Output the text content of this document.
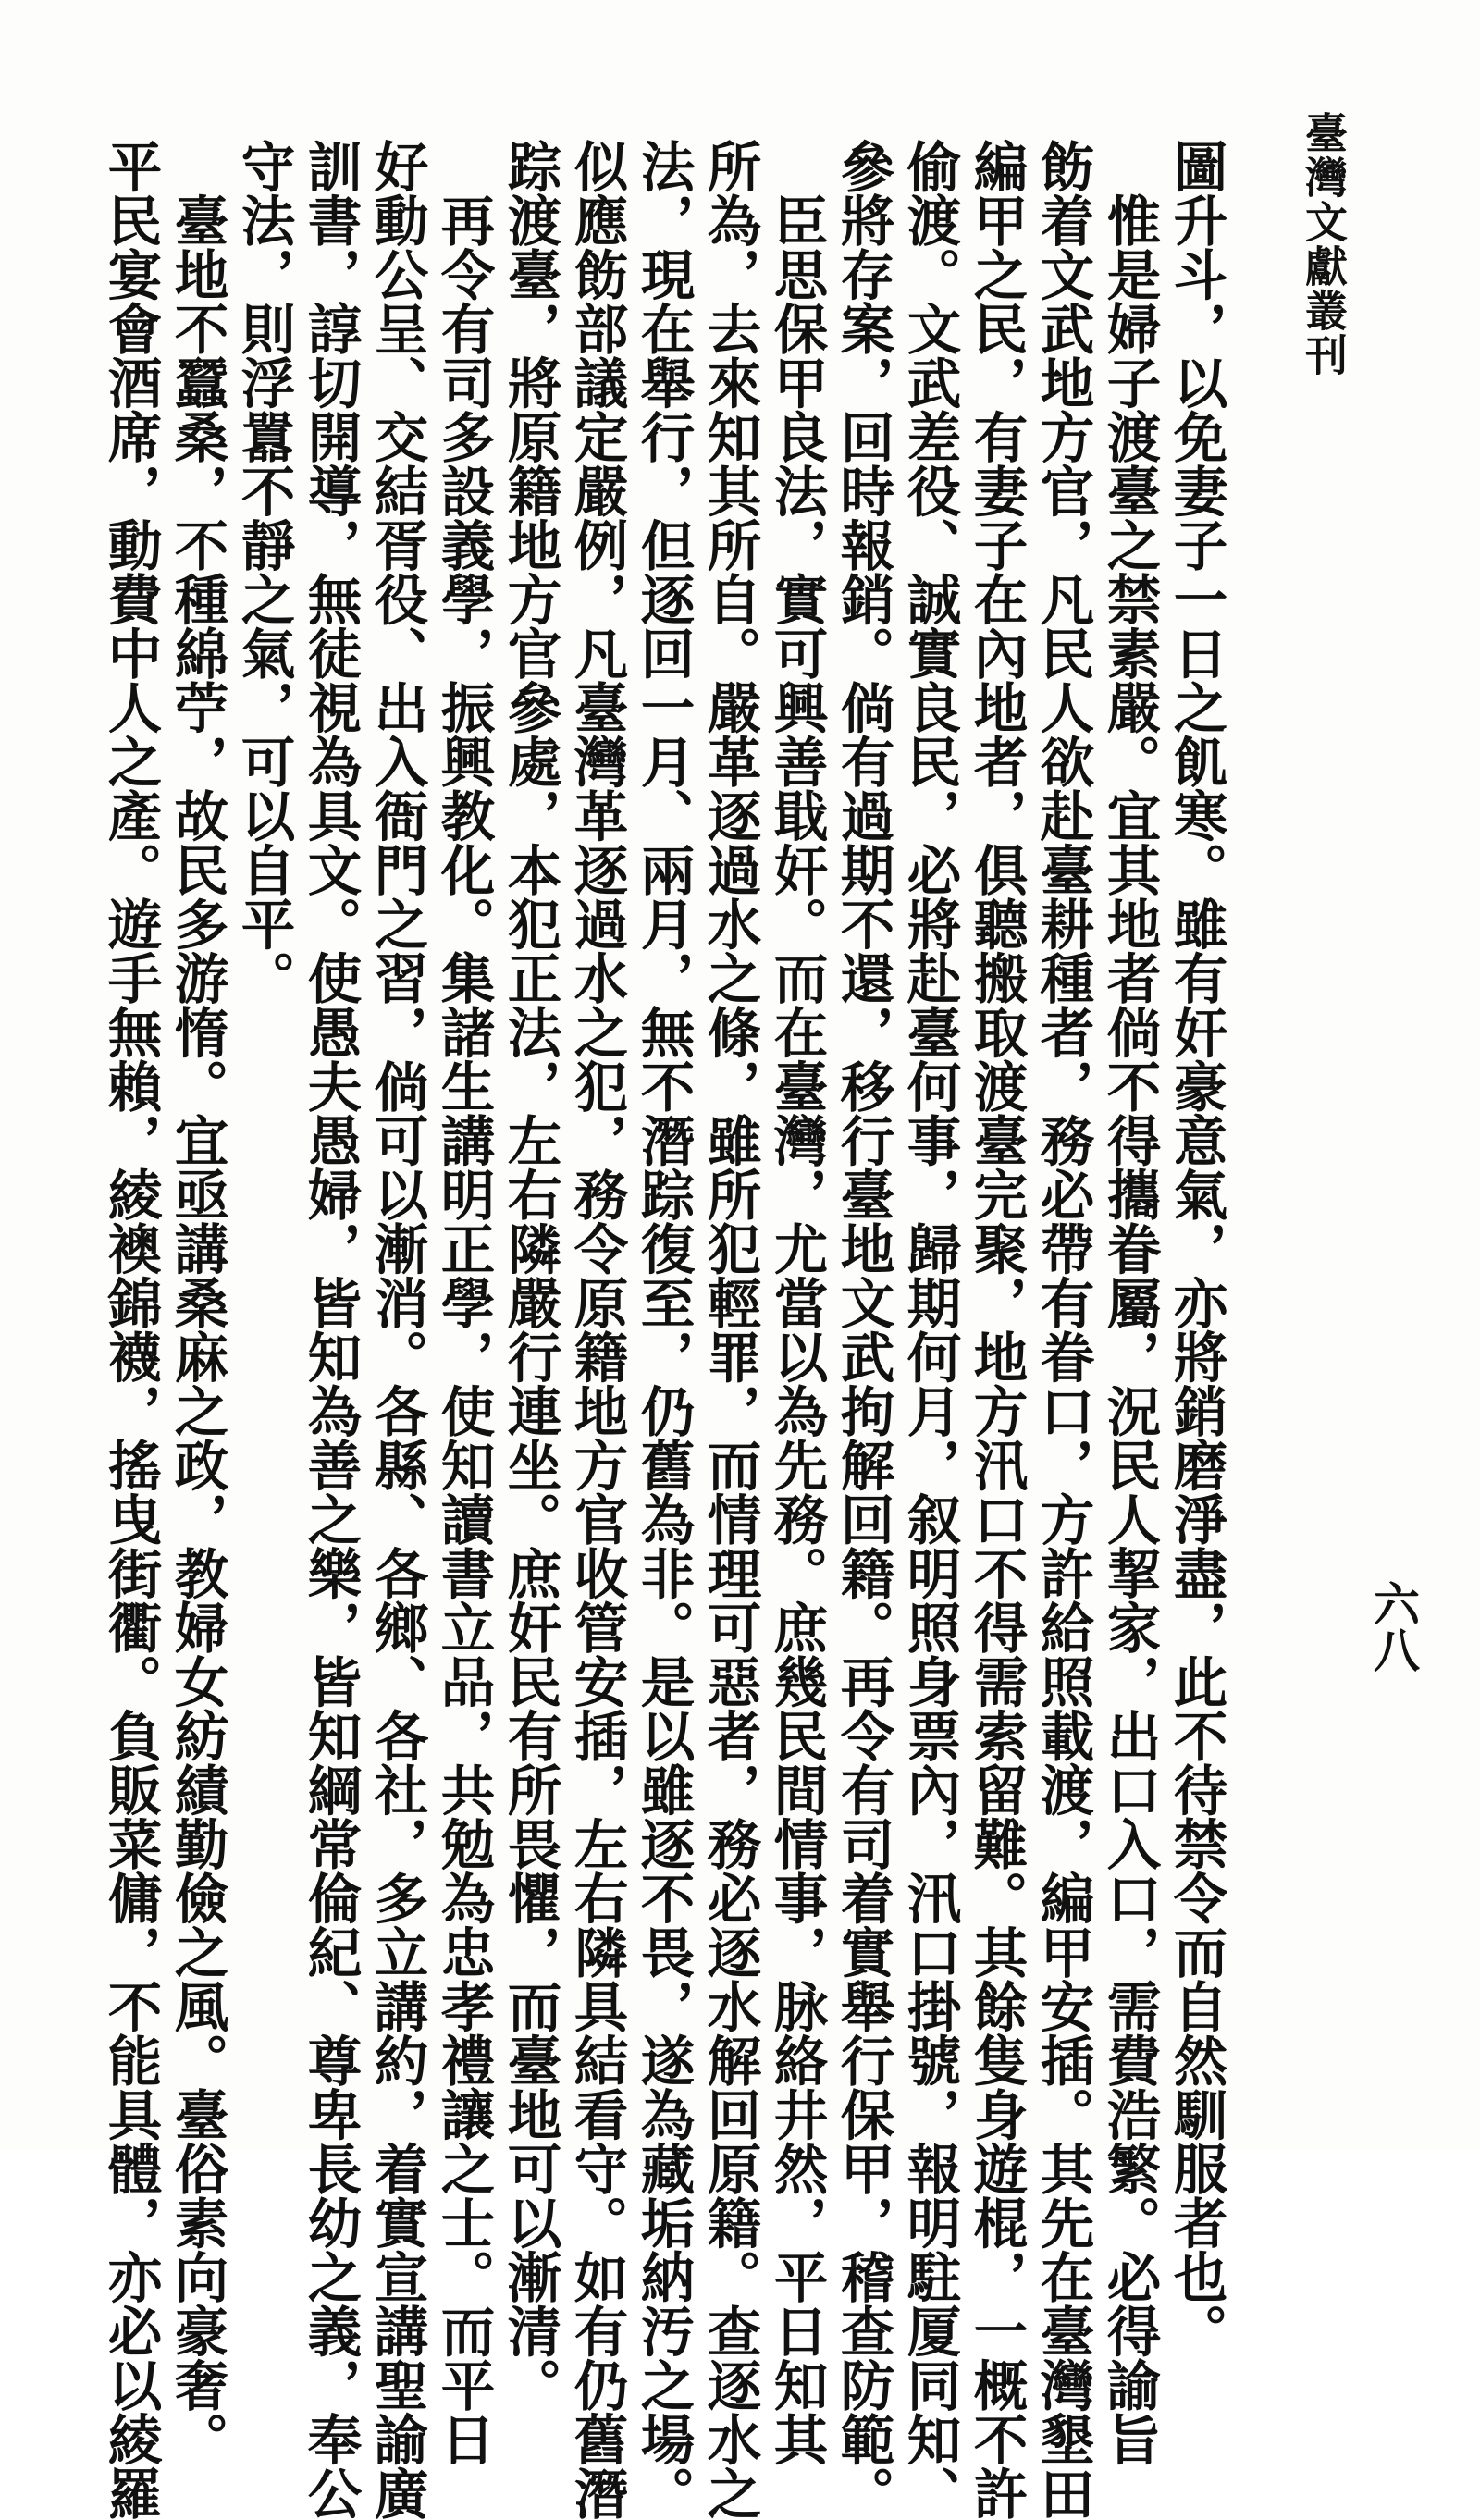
臺灣文獻叢刊
六八
圖升斗，以免妻子一日之飢寒。雖有奸豪意氣，亦將銷磨淨盡，此不待禁令而自然馴服者也。
　惟是婦子渡臺之禁素嚴。宜其地者倘不得攜眷屬，況民人挈家，出口入口，需費浩繁。必得諭旨
飭着文武地方官，凡民人欲赴臺耕種者，務必帶有眷口，方許給照載渡，編甲安插。其先在臺灣墾田
編甲之民，有妻子在內地者，俱聽搬取渡臺完聚，地方汛口不得需索留難。其餘隻身遊棍，一概不許
偷渡。文武差役、誠實良民，必將赴臺何事，歸期何月，叙明照身票內，汛口掛號，報明駐厦同知、
參將存案，回時報銷。倘有過期不還，移行臺地文武拘解回籍。再令有司着實舉行保甲，稽查防範。
　臣思保甲良法，實可興善戢奸。而在臺灣，尤當以為先務。庶幾民間情事，脉絡井然，平日知其
所為，去來知其所自。嚴革逐過水之條，雖所犯輕罪，而情理可惡者，務必逐水解回原籍。查逐水之
法，現在舉行，但逐回一月、兩月，無不潛踪復至，仍舊為非。是以雖逐不畏，遂為藏垢納汚之場。
似應飭部議定嚴例，凡臺灣革逐過水之犯，務令原籍地方官收管安插，左右隣具結看守。如有仍舊潛
踪渡臺，將原籍地方官參處，本犯正法，左右隣嚴行連坐。庶奸民有所畏懼，而臺地可以漸清。
　再令有司多設義學，振興教化。集諸生講明正學，使知讀書立品，共勉為忠孝禮讓之士。而平日
好動公呈、交結胥役、出入衙門之習，倘可以漸消。各縣、各鄉、各社，多立講約，着實宣講聖諭廣
訓書，諄切開導，無徒視為具文。使愚夫愚婦，皆知為善之樂，皆知綱常倫紀、尊卑長幼之義，奉公
守法，則浮囂不靜之氣，可以自平。
　臺地不蠶桑，不種綿苧，故民多游惰。宜亟講桑麻之政，教婦女紡績勤儉之風。臺俗素向豪奢。
平民宴會酒席，動費中人之產。遊手無賴，綾襖錦襪，搖曳街衢。負販菜傭，不能具體，亦必以綾羅
